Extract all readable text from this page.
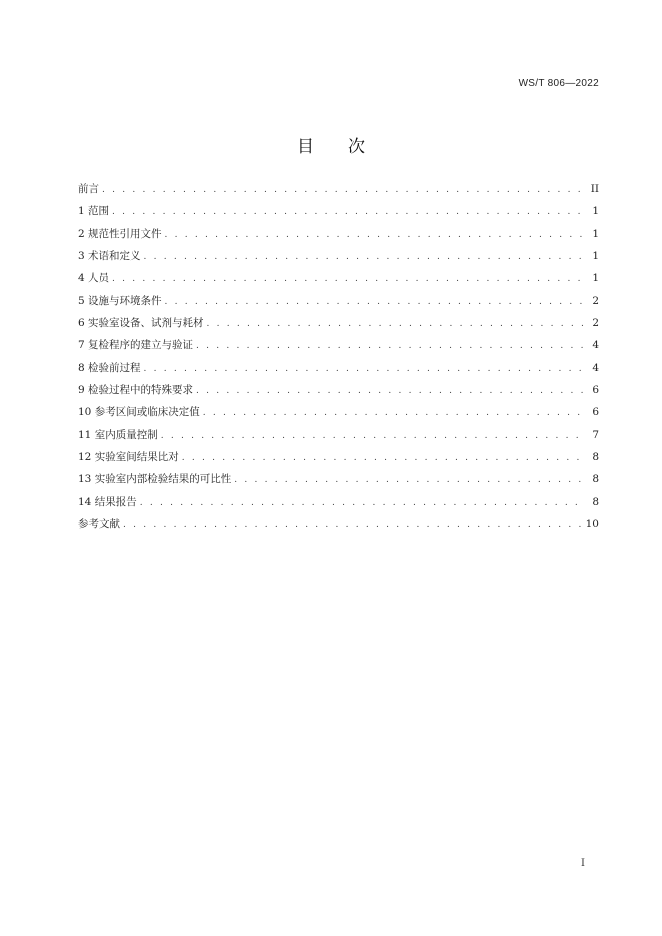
WS/T 806—2022
目 次
前言 . . .	II
1 范围 . . .	1
2 规范性引用文件 . . .	1
3 术语和定义 . . .	1
4 人员 . . .	1
5 设施与环境条件 . . .	2
6 实验室设备、试剂与耗材 . . .	2
7 复检程序的建立与验证 . . .	4
8 检验前过程 . . .	4
9 检验过程中的特殊要求 . . .	6
10 参考区间或临床决定值 . . .	6
11 室内质量控制 . . .	7
12 实验室间结果比对 . . .	8
13 实验室内部检验结果的可比性 . . .	8
14 结果报告 . . .	8
参考文献 . . .	10
I
